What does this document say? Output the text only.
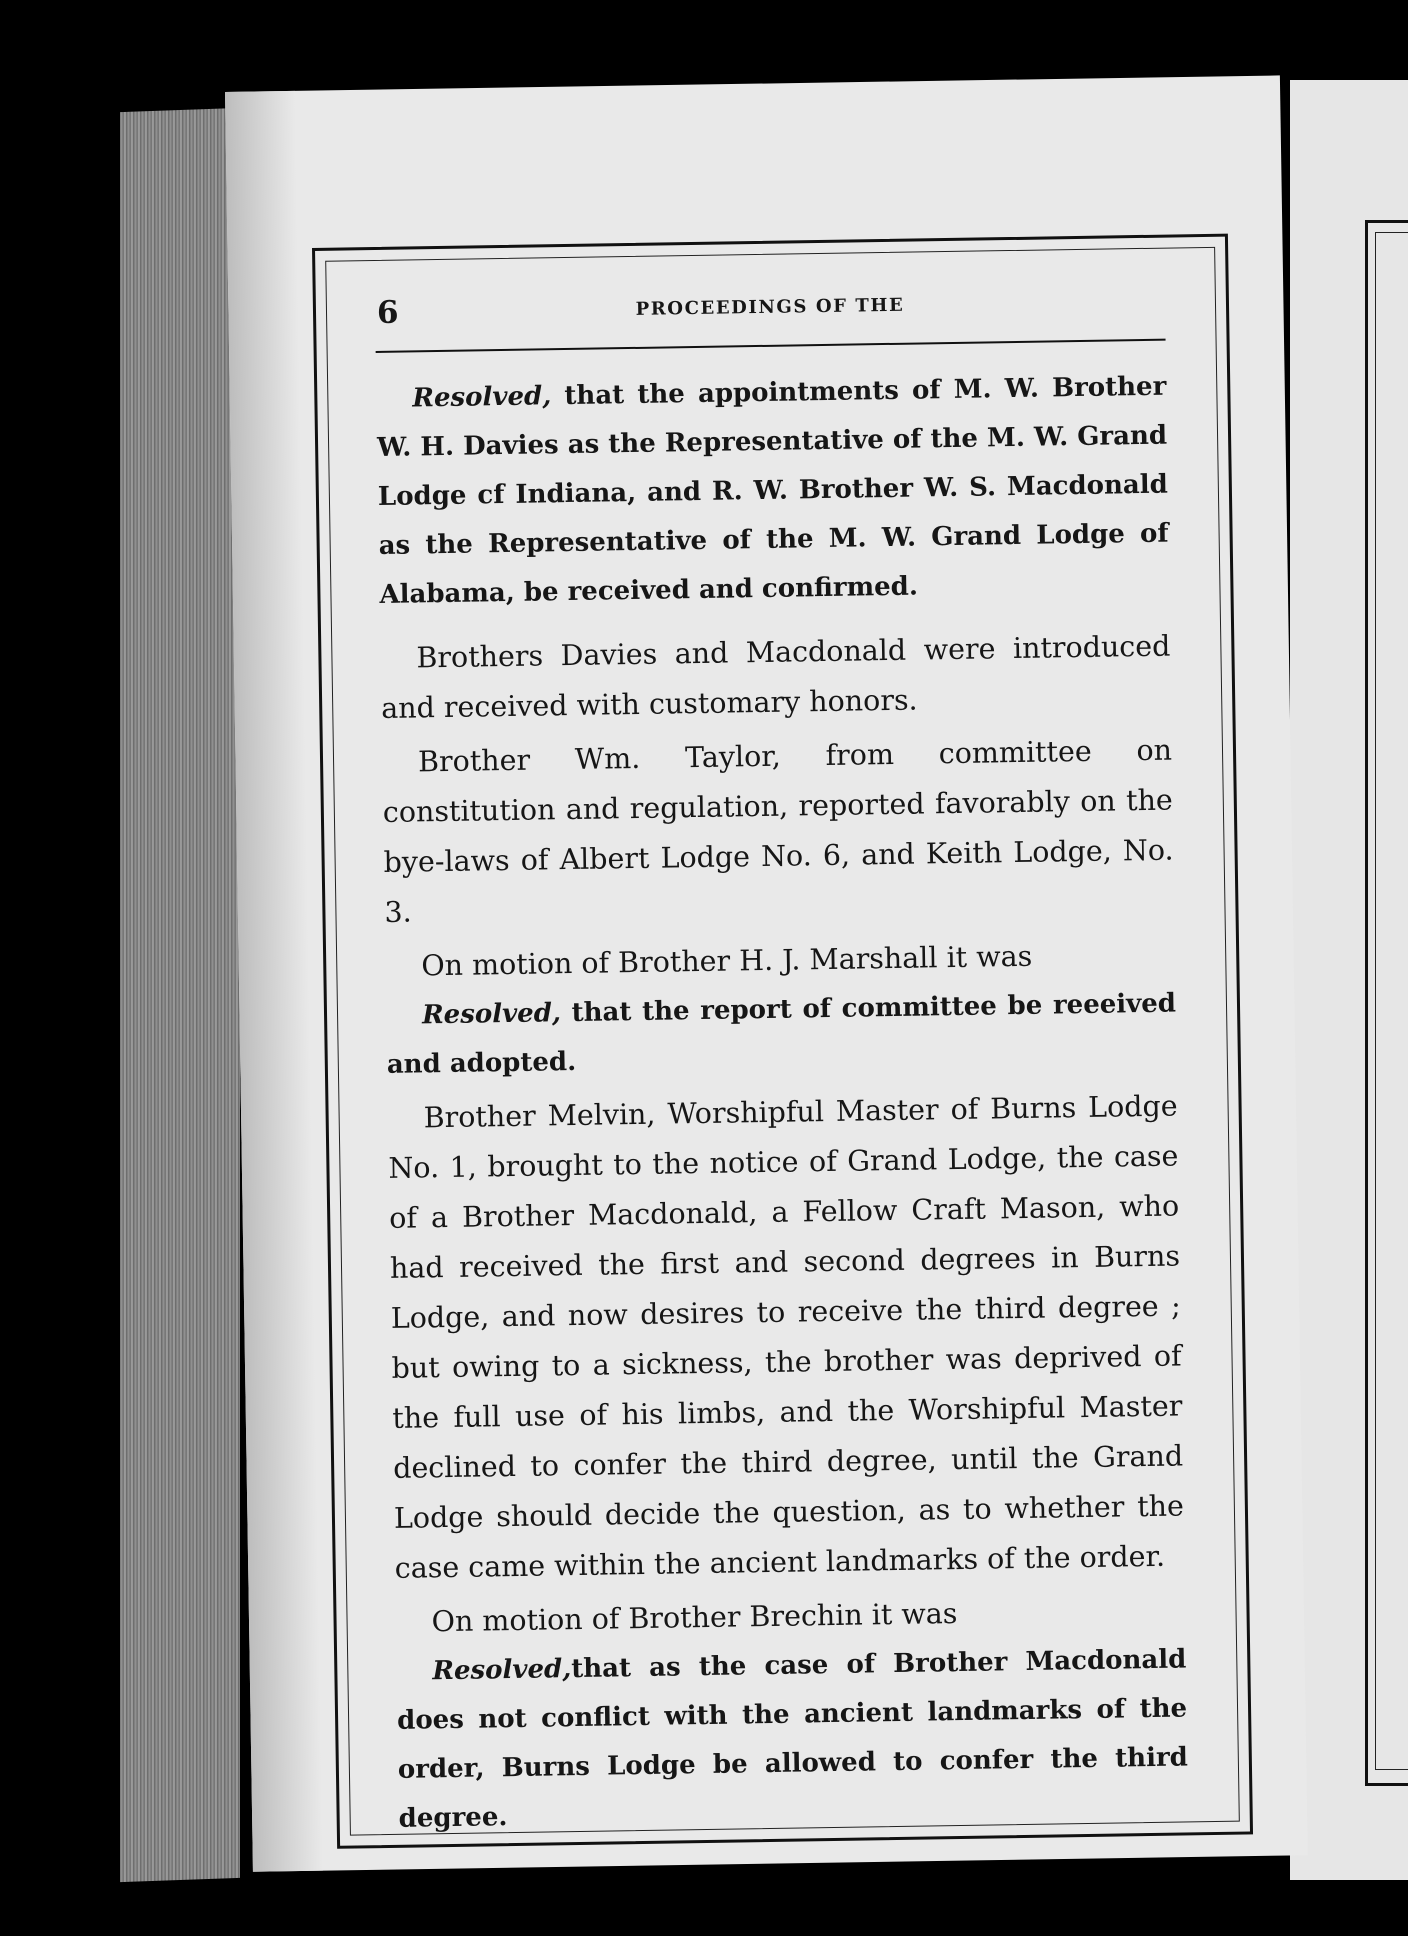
6	PROCEEDINGS OF THE

Resolved, that the appointments of M. W. Brother W. H. Davies as the Representative of the M. W. Grand Lodge cf Indiana, and R. W. Brother W. S. Macdonald as the Representative of the M. W. Grand Lodge of Alabama, be received and confirmed.

Brothers Davies and Macdonald were introduced and received with customary honors.

Brother Wm. Taylor, from committee on constitution and regulation, reported favorably on the bye-laws of Albert Lodge No. 6, and Keith Lodge, No. 3.

On motion of Brother H. J. Marshall it was

Resolved, that the report of committee be reeeived and adopted.

Brother Melvin, Worshipful Master of Burns Lodge No. 1, brought to the notice of Grand Lodge, the case of a Brother Macdonald, a Fellow Craft Mason, who had received the first and second degrees in Burns Lodge, and now desires to receive the third degree ; but owing to a sickness, the brother was deprived of the full use of his limbs, and the Worshipful Master declined to confer the third degree, until the Grand Lodge should decide the question, as to whether the case came within the ancient landmarks of the order.

On motion of Brother Brechin it was

Resolved,that as the case of Brother Macdonald does not conflict with the ancient landmarks of the order, Burns Lodge be allowed to confer the third degree.
